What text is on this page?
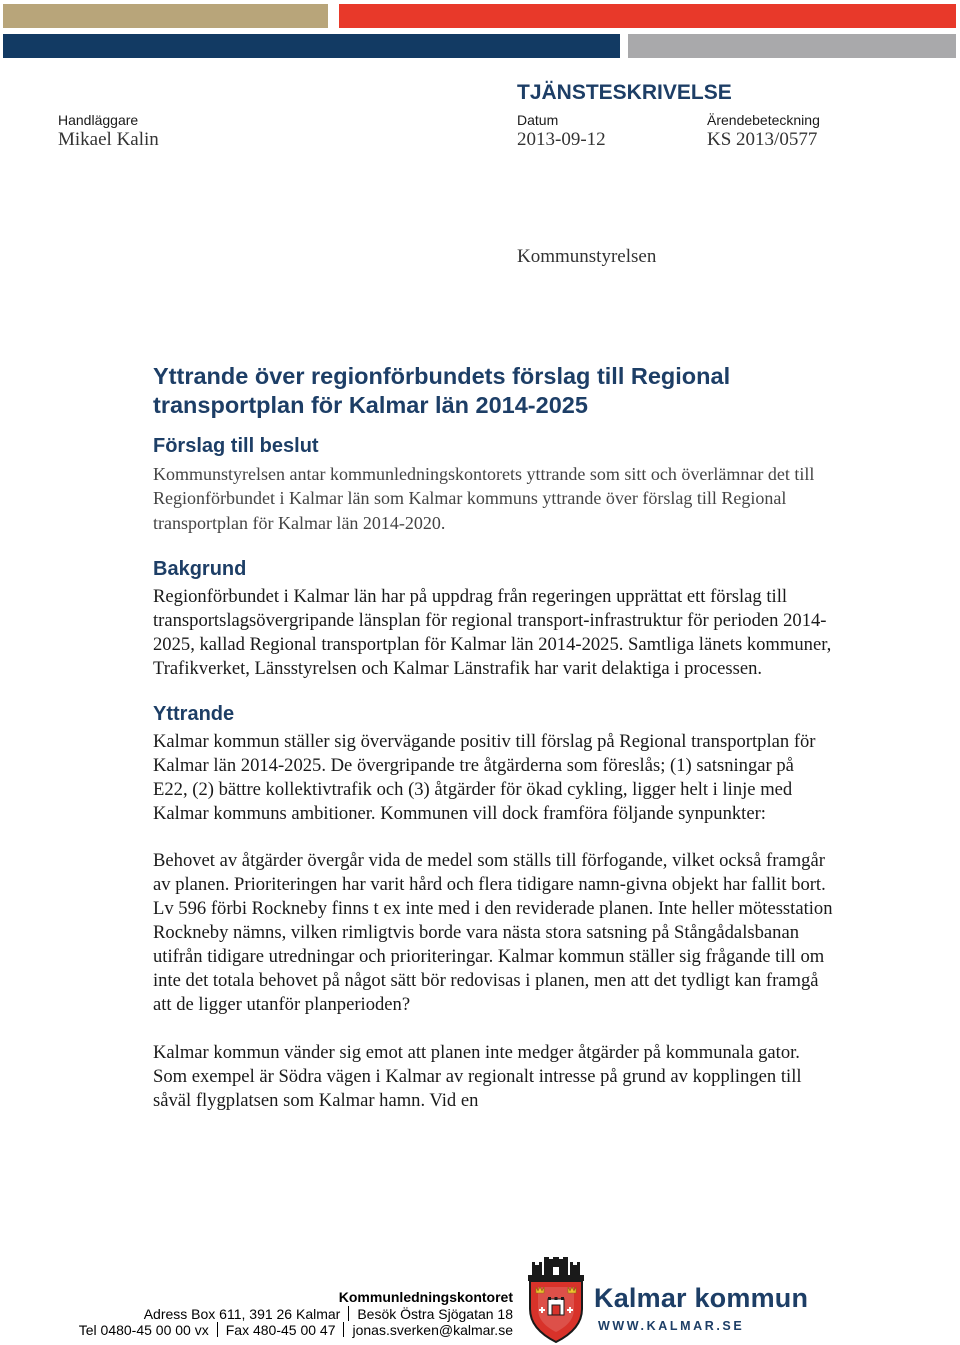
TJÄNSTESKRIVELSE
Handläggare
Mikael Kalin
Datum
2013-09-12
Ärendebeteckning
KS 2013/0577
Kommunstyrelsen
Yttrande över regionförbundets förslag till Regional
transportplan för Kalmar län 2014-2025
Förslag till beslut

Kommunstyrelsen antar kommunledningskontorets yttrande som sitt och överlämnar det till Regionförbundet i Kalmar län som Kalmar kommuns yttrande över förslag till Regional transportplan för Kalmar län 2014-2020.

Bakgrund

Regionförbundet i Kalmar län har på uppdrag från regeringen upprättat ett förslag till transportslagsövergripande länsplan för regional transport-infrastruktur för perioden 2014-2025, kallad Regional transportplan för Kalmar län 2014-2025. Samtliga länets kommuner, Trafikverket, Länsstyrelsen och Kalmar Länstrafik har varit delaktiga i processen.

Yttrande

Kalmar kommun ställer sig övervägande positiv till förslag på Regional transportplan för Kalmar län 2014-2025. De övergripande tre åtgärderna som föreslås; (1) satsningar på E22, (2) bättre kollektivtrafik och (3) åtgärder för ökad cykling, ligger helt i linje med Kalmar kommuns ambitioner. Kommunen vill dock framföra följande synpunkter:

Behovet av åtgärder övergår vida de medel som ställs till förfogande, vilket också framgår av planen. Prioriteringen har varit hård och flera tidigare namn-givna objekt har fallit bort. Lv 596 förbi Rockneby finns t ex inte med i den reviderade planen. Inte heller mötesstation Rockneby nämns, vilken rimligtvis borde vara nästa stora satsning på Stångådalsbanan utifrån tidigare utredningar och prioriteringar. Kalmar kommun ställer sig frågande till om inte det totala behovet på något sätt bör redovisas i planen, men att det tydligt kan framgå att de ligger utanför planperioden?

Kalmar kommun vänder sig emot att planen inte medger åtgärder på kommunala gator. Som exempel är Södra vägen i Kalmar av regionalt intresse på grund av kopplingen till såväl flygplatsen som Kalmar hamn. Vid en

Kommunledningskontoret
Adress Box 611, 391 26 Kalmar Besök Östra Sjögatan 18
Tel 0480-45 00 00 vx Fax 480-45 00 47 jonas.sverken@kalmar.se
Kalmar kommun
WWW.KALMAR.SE
